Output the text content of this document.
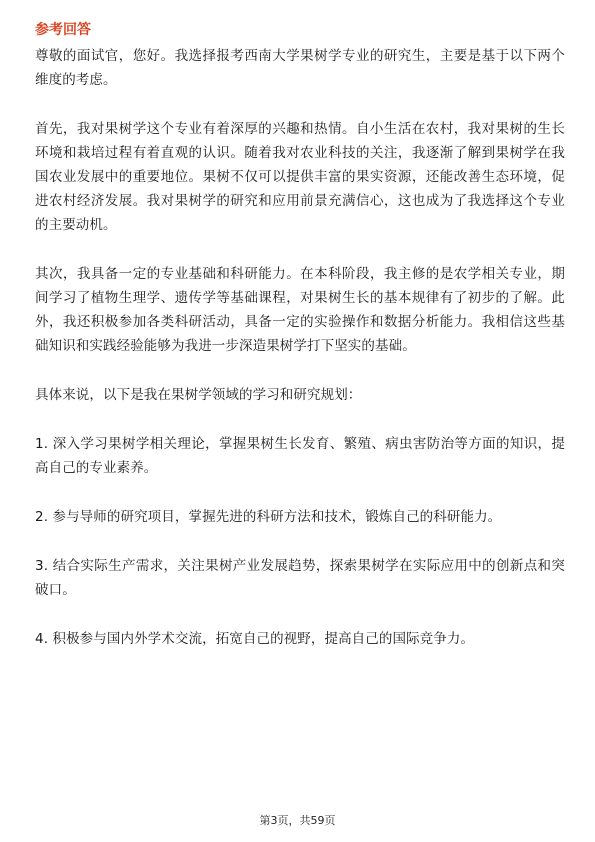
参考回答

尊敬的面试官，您好。我选择报考西南大学果树学专业的研究生，主要是基于以下两个维度的考虑。

首先，我对果树学这个专业有着深厚的兴趣和热情。自小生活在农村，我对果树的生长环境和栽培过程有着直观的认识。随着我对农业科技的关注，我逐渐了解到果树学在我国农业发展中的重要地位。果树不仅可以提供丰富的果实资源，还能改善生态环境，促进农村经济发展。我对果树学的研究和应用前景充满信心，这也成为了我选择这个专业的主要动机。

其次，我具备一定的专业基础和科研能力。在本科阶段，我主修的是农学相关专业，期间学习了植物生理学、遗传学等基础课程，对果树生长的基本规律有了初步的了解。此外，我还积极参加各类科研活动，具备一定的实验操作和数据分析能力。我相信这些基础知识和实践经验能够为我进一步深造果树学打下坚实的基础。

具体来说，以下是我在果树学领域的学习和研究规划：

1. 深入学习果树学相关理论，掌握果树生长发育、繁殖、病虫害防治等方面的知识，提高自己的专业素养。

2. 参与导师的研究项目，掌握先进的科研方法和技术，锻炼自己的科研能力。

3. 结合实际生产需求，关注果树产业发展趋势，探索果树学在实际应用中的创新点和突破口。

4. 积极参与国内外学术交流，拓宽自己的视野，提高自己的国际竞争力。

第3页，共59页
